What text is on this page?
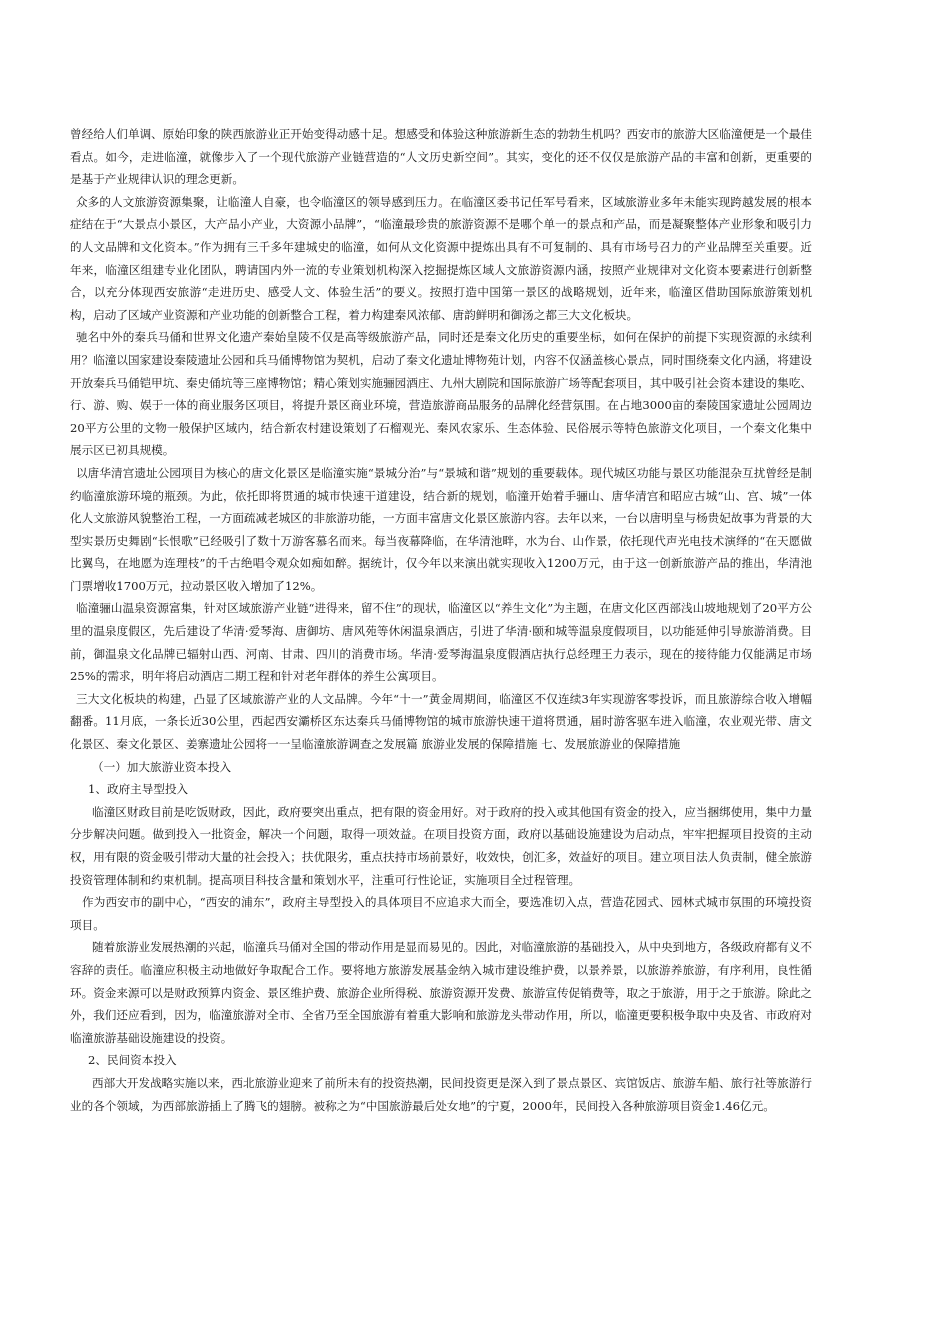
曾经给人们单调、原始印象的陕西旅游业正开始变得动感十足。想感受和体验这种旅游新生态的勃勃生机吗？西安市的旅游大区临潼便是一个最佳看点。如今，走进临潼，就像步入了一个现代旅游产业链营造的“人文历史新空间”。其实，变化的还不仅仅是旅游产品的丰富和创新，更重要的是基于产业规律认识的理念更新。

众多的人文旅游资源集聚，让临潼人自豪，也令临潼区的领导感到压力。在临潼区委书记任军号看来，区域旅游业多年未能实现跨越发展的根本症结在于“大景点小景区，大产品小产业，大资源小品牌”，“临潼最珍贵的旅游资源不是哪个单一的景点和产品，而是凝聚整体产业形象和吸引力的人文品牌和文化资本。”作为拥有三千多年建城史的临潼，如何从文化资源中提炼出具有不可复制的、具有市场号召力的产业品牌至关重要。近年来，临潼区组建专业化团队，聘请国内外一流的专业策划机构深入挖掘提炼区域人文旅游资源内涵，按照产业规律对文化资本要素进行创新整合，以充分体现西安旅游“走进历史、感受人文、体验生活”的要义。按照打造中国第一景区的战略规划，近年来，临潼区借助国际旅游策划机构，启动了区域产业资源和产业功能的创新整合工程，着力构建秦风浓郁、唐韵鲜明和御汤之都三大文化板块。

驰名中外的秦兵马俑和世界文化遗产秦始皇陵不仅是高等级旅游产品，同时还是秦文化历史的重要坐标，如何在保护的前提下实现资源的永续利用？临潼以国家建设秦陵遗址公园和兵马俑博物馆为契机，启动了秦文化遗址博物苑计划，内容不仅涵盖核心景点，同时围绕秦文化内涵，将建设开放秦兵马俑铠甲坑、秦史俑坑等三座博物馆；精心策划实施骊园酒庄、九州大剧院和国际旅游广场等配套项目，其中吸引社会资本建设的集吃、行、游、购、娱于一体的商业服务区项目，将提升景区商业环境，营造旅游商品服务的品牌化经营氛围。在占地3000亩的秦陵国家遗址公园周边20平方公里的文物一般保护区域内，结合新农村建设策划了石榴观光、秦风农家乐、生态体验、民俗展示等特色旅游文化项目，一个秦文化集中展示区已初具规模。

以唐华清宫遗址公园项目为核心的唐文化景区是临潼实施“景城分治”与“景城和谐”规划的重要载体。现代城区功能与景区功能混杂互扰曾经是制约临潼旅游环境的瓶颈。为此，依托即将贯通的城市快速干道建设，结合新的规划，临潼开始着手骊山、唐华清宫和昭应古城“山、宫、城”一体化人文旅游风貌整治工程，一方面疏减老城区的非旅游功能，一方面丰富唐文化景区旅游内容。去年以来，一台以唐明皇与杨贵妃故事为背景的大型实景历史舞剧“长恨歌”已经吸引了数十万游客慕名而来。每当夜幕降临，在华清池畔，水为台、山作景，依托现代声光电技术演绎的“在天愿做比翼鸟，在地愿为连理枝”的千古绝唱令观众如痴如醉。据统计，仅今年以来演出就实现收入1200万元，由于这一创新旅游产品的推出，华清池门票增收1700万元，拉动景区收入增加了12%。

临潼骊山温泉资源富集，针对区域旅游产业链“进得来，留不住”的现状，临潼区以“养生文化”为主题，在唐文化区西部浅山坡地规划了20平方公里的温泉度假区，先后建设了华清·爱琴海、唐御坊、唐风苑等休闲温泉酒店，引进了华清·颐和城等温泉度假项目，以功能延伸引导旅游消费。目前，御温泉文化品牌已辐射山西、河南、甘肃、四川的消费市场。华清·爱琴海温泉度假酒店执行总经理王力表示，现在的接待能力仅能满足市场25%的需求，明年将启动酒店二期工程和针对老年群体的养生公寓项目。

三大文化板块的构建，凸显了区域旅游产业的人文品牌。今年“十一”黄金周期间，临潼区不仅连续3年实现游客零投诉，而且旅游综合收入增幅翻番。11月底，一条长近30公里，西起西安灞桥区东达秦兵马俑博物馆的城市旅游快速干道将贯通，届时游客驱车进入临潼，农业观光带、唐文化景区、秦文化景区、姜寨遗址公园将一一呈临潼旅游调查之发展篇 旅游业发展的保障措施 七、发展旅游业的保障措施

（一）加大旅游业资本投入

1、政府主导型投入

临潼区财政目前是吃饭财政，因此，政府要突出重点，把有限的资金用好。对于政府的投入或其他国有资金的投入，应当捆绑使用，集中力量分步解决问题。做到投入一批资金，解决一个问题，取得一项效益。在项目投资方面，政府以基础设施建设为启动点，牢牢把握项目投资的主动权，用有限的资金吸引带动大量的社会投入；扶优限劣，重点扶持市场前景好，收效快，创汇多，效益好的项目。建立项目法人负责制，健全旅游投资管理体制和约束机制。提高项目科技含量和策划水平，注重可行性论证，实施项目全过程管理。

作为西安市的副中心，“西安的浦东”，政府主导型投入的具体项目不应追求大而全，要选准切入点，营造花园式、园林式城市氛围的环境投资项目。

随着旅游业发展热潮的兴起，临潼兵马俑对全国的带动作用是显而易见的。因此，对临潼旅游的基础投入，从中央到地方，各级政府都有义不容辞的责任。临潼应积极主动地做好争取配合工作。要将地方旅游发展基金纳入城市建设维护费，以景养景，以旅游养旅游，有序利用，良性循环。资金来源可以是财政预算内资金、景区维护费、旅游企业所得税、旅游资源开发费、旅游宣传促销费等，取之于旅游，用于之于旅游。除此之外，我们还应看到，因为，临潼旅游对全市、全省乃至全国旅游有着重大影响和旅游龙头带动作用，所以，临潼更要积极争取中央及省、市政府对临潼旅游基础设施建设的投资。

2、民间资本投入

西部大开发战略实施以来，西北旅游业迎来了前所未有的投资热潮，民间投资更是深入到了景点景区、宾馆饭店、旅游车船、旅行社等旅游行业的各个领域，为西部旅游插上了腾飞的翅膀。被称之为“中国旅游最后处女地”的宁夏，2000年，民间投入各种旅游项目资金1.46亿元。
